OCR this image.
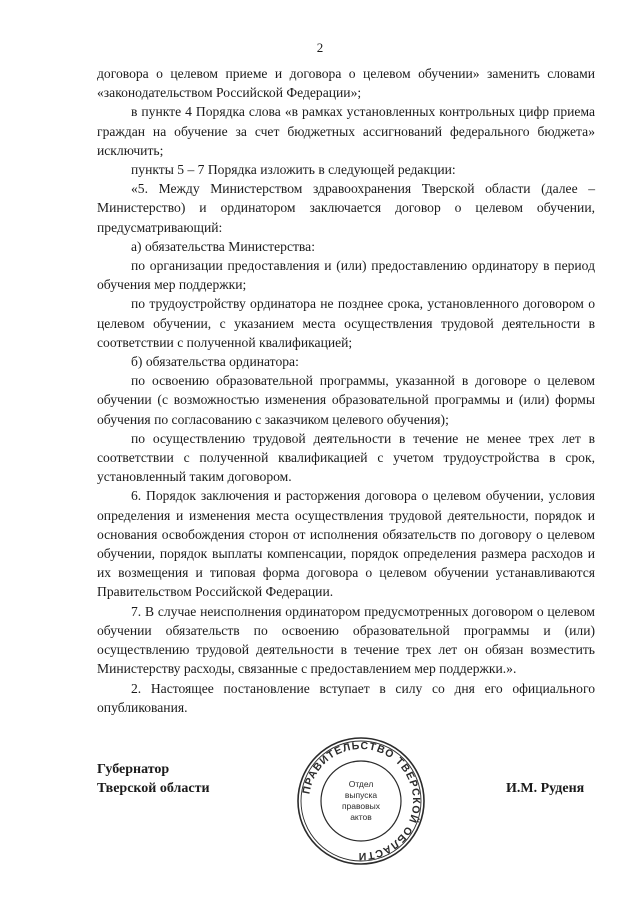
2

договора о целевом приеме и договора о целевом обучении» заменить словами «законодательством Российской Федерации»;

в пункте 4 Порядка слова «в рамках установленных контрольных цифр приема граждан на обучение за счет бюджетных ассигнований федерального бюджета» исключить;

пункты 5 – 7 Порядка изложить в следующей редакции:

«5. Между Министерством здравоохранения Тверской области (далее – Министерство) и ординатором заключается договор о целевом обучении, предусматривающий:

а) обязательства Министерства:

по организации предоставления и (или) предоставлению ординатору в период обучения мер поддержки;

по трудоустройству ординатора не позднее срока, установленного договором о целевом обучении, с указанием места осуществления трудовой деятельности в соответствии с полученной квалификацией;

б) обязательства ординатора:

по освоению образовательной программы, указанной в договоре о целевом обучении (с возможностью изменения образовательной программы и (или) формы обучения по согласованию с заказчиком целевого обучения);

по осуществлению трудовой деятельности в течение не менее трех лет в соответствии с полученной квалификацией с учетом трудоустройства в срок, установленный таким договором.

6. Порядок заключения и расторжения договора о целевом обучении, условия определения и изменения места осуществления трудовой деятельности, порядок и основания освобождения сторон от исполнения обязательств по договору о целевом обучении, порядок выплаты компенсации, порядок определения размера расходов и их возмещения и типовая форма договора о целевом обучении устанавливаются Правительством Российской Федерации.

7. В случае неисполнения ординатором предусмотренных договором о целевом обучении обязательств по освоению образовательной программы и (или) осуществлению трудовой деятельности в течение трех лет он обязан возместить Министерству расходы, связанные с предоставлением мер поддержки.».

2. Настоящее постановление вступает в силу со дня его официального опубликования.

Губернатор
Тверской области	ПРАВИТЕЛЬСТВО ТВЕРСКОЙ ОБЛАСТИ
Отдел
выпуска
правовых
актов
И.М. Руденя
